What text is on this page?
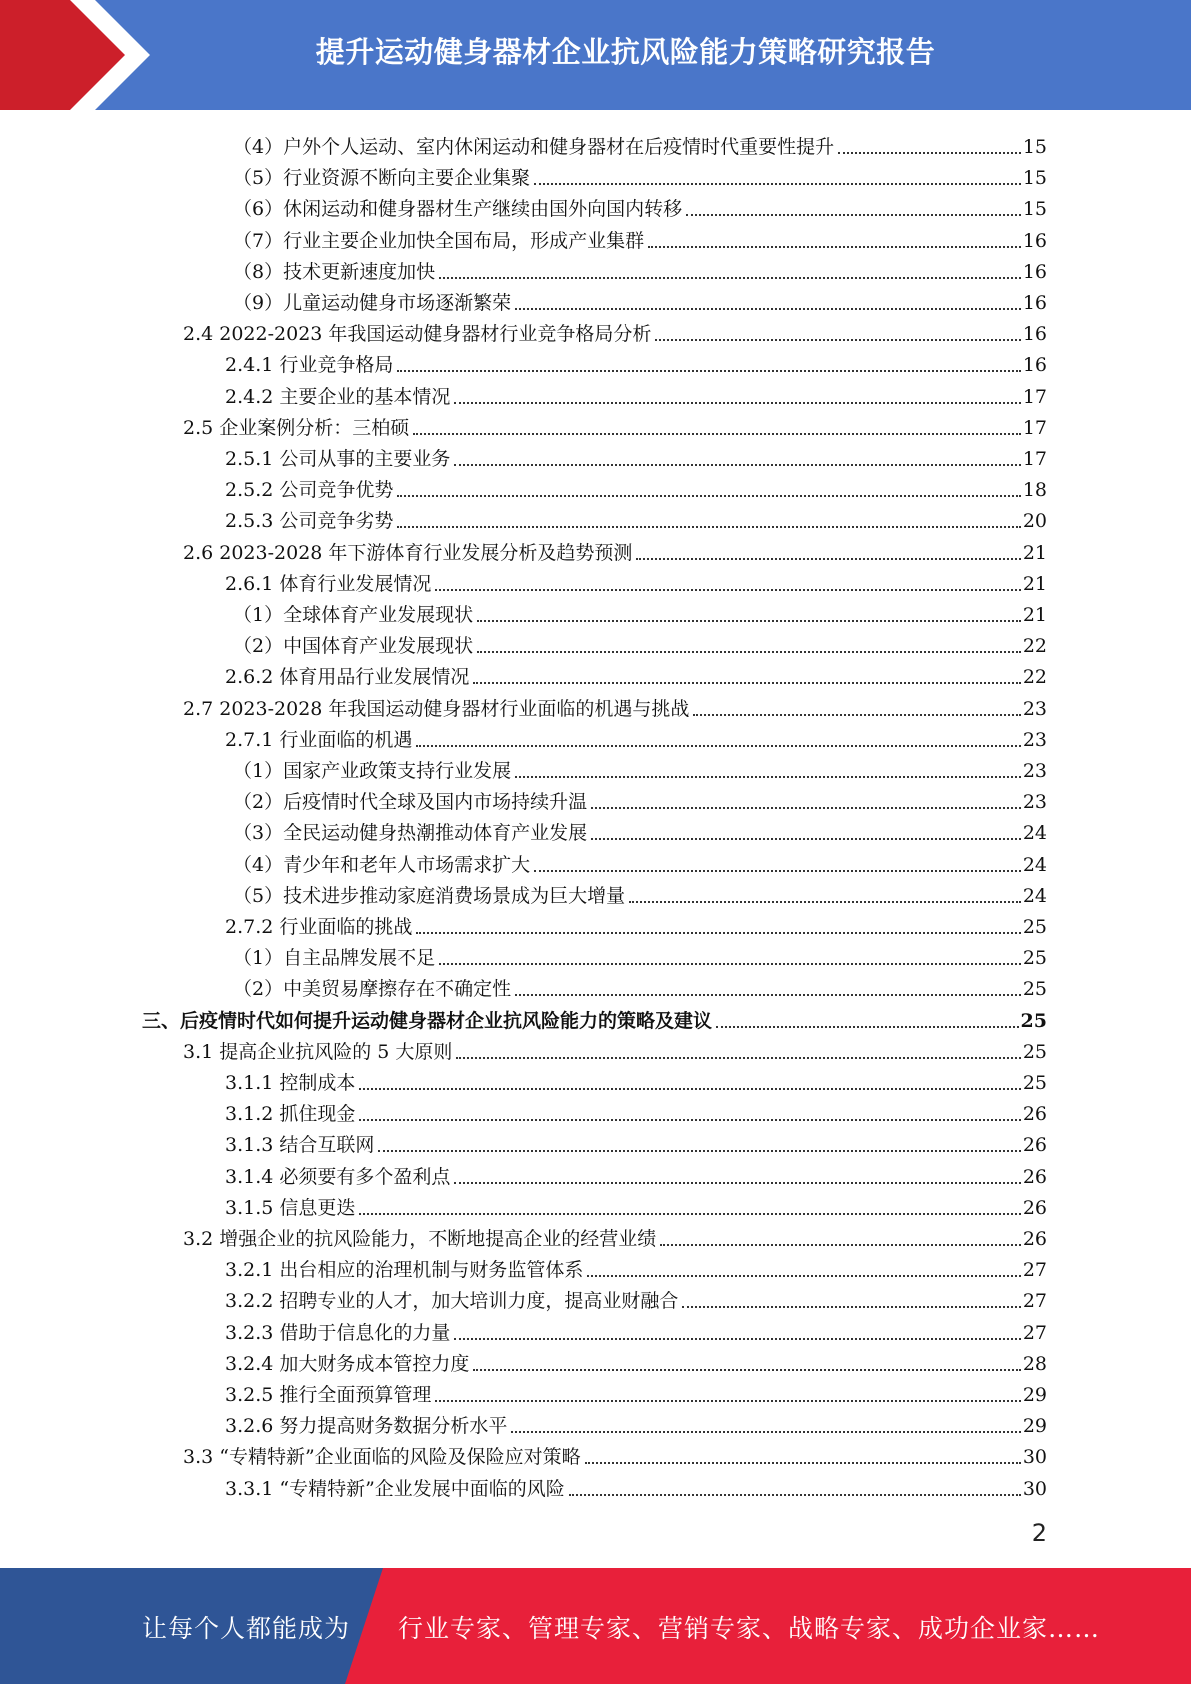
提升运动健身器材企业抗风险能力策略研究报告
（4）户外个人运动、室内休闲运动和健身器材在后疫情时代重要性提升	15
（5）行业资源不断向主要企业集聚	15
（6）休闲运动和健身器材生产继续由国外向国内转移	15
（7）行业主要企业加快全国布局，形成产业集群	16
（8）技术更新速度加快	16
（9）儿童运动健身市场逐渐繁荣	16
2.4 2022-2023 年我国运动健身器材行业竞争格局分析	16
2.4.1 行业竞争格局	16
2.4.2 主要企业的基本情况	17
2.5 企业案例分析：三柏硕	17
2.5.1 公司从事的主要业务	17
2.5.2 公司竞争优势	18
2.5.3 公司竞争劣势	20
2.6 2023-2028 年下游体育行业发展分析及趋势预测	21
2.6.1 体育行业发展情况	21
（1）全球体育产业发展现状	21
（2）中国体育产业发展现状	22
2.6.2 体育用品行业发展情况	22
2.7 2023-2028 年我国运动健身器材行业面临的机遇与挑战	23
2.7.1 行业面临的机遇	23
（1）国家产业政策支持行业发展	23
（2）后疫情时代全球及国内市场持续升温	23
（3）全民运动健身热潮推动体育产业发展	24
（4）青少年和老年人市场需求扩大	24
（5）技术进步推动家庭消费场景成为巨大增量	24
2.7.2 行业面临的挑战	25
（1）自主品牌发展不足	25
（2）中美贸易摩擦存在不确定性	25
三、后疫情时代如何提升运动健身器材企业抗风险能力的策略及建议	25
3.1 提高企业抗风险的 5 大原则	25
3.1.1 控制成本	25
3.1.2 抓住现金	26
3.1.3 结合互联网	26
3.1.4 必须要有多个盈利点	26
3.1.5 信息更迭	26
3.2 增强企业的抗风险能力，不断地提高企业的经营业绩	26
3.2.1 出台相应的治理机制与财务监管体系	27
3.2.2 招聘专业的人才，加大培训力度，提高业财融合	27
3.2.3 借助于信息化的力量	27
3.2.4 加大财务成本管控力度	28
3.2.5 推行全面预算管理	29
3.2.6 努力提高财务数据分析水平	29
3.3 “专精特新”企业面临的风险及保险应对策略	30
3.3.1 “专精特新”企业发展中面临的风险	30
2
让每个人都能成为 行业专家、管理专家、营销专家、战略专家、成功企业家……
